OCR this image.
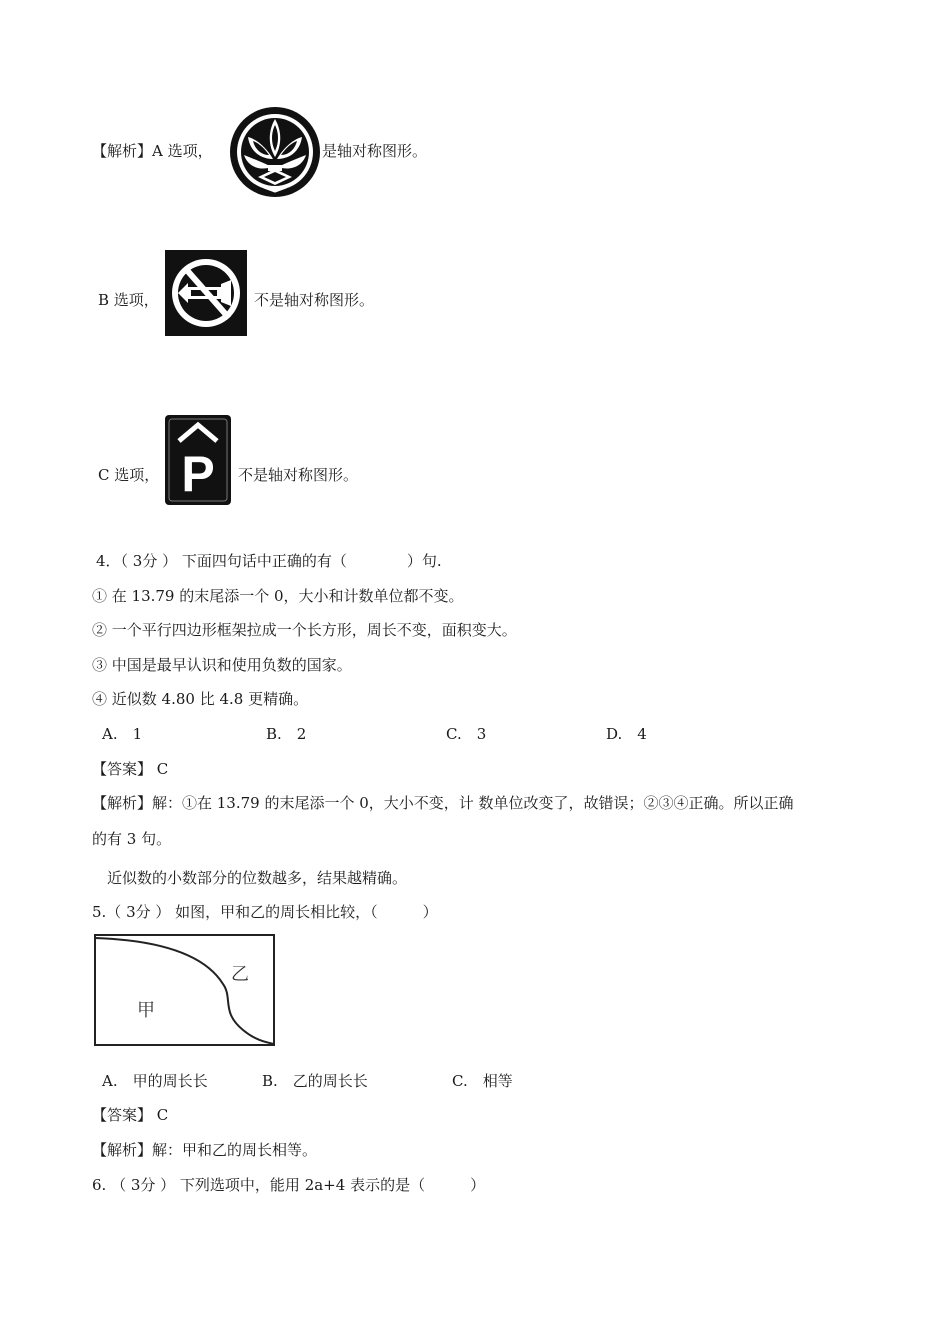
【解析】A 选项，	是轴对称图形。
B 选项，	不是轴对称图形。
C 选项， P 不是轴对称图形。
4．（ 3分 ） 下面四句话中正确的有（　　　　）句.
① 在 13.79 的末尾添一个 0，大小和计数单位都不变。
② 一个平行四边形框架拉成一个长方形，周长不变，面积变大。
③ 中国是最早认识和使用负数的国家。
④ 近似数 4.80 比 4.8 更精确。
A.　1	B.　2	C.　3	D.　4
【答案】 C
【解析】解：①在 13.79 的末尾添一个 0，大小不变，计 数单位改变了，故错误；②③④正确。所以正确
的有 3 句。
近似数的小数部分的位数越多，结果越精确。
5.（ 3分 ） 如图，甲和乙的周长相比较，（　　　）
甲
乙
A.　甲的周长长	B.　乙的周长长	C.　相等
【答案】 C
【解析】解：甲和乙的周长相等。
6. （ 3分 ） 下列选项中，能用 2a+4 表示的是（　　　）
